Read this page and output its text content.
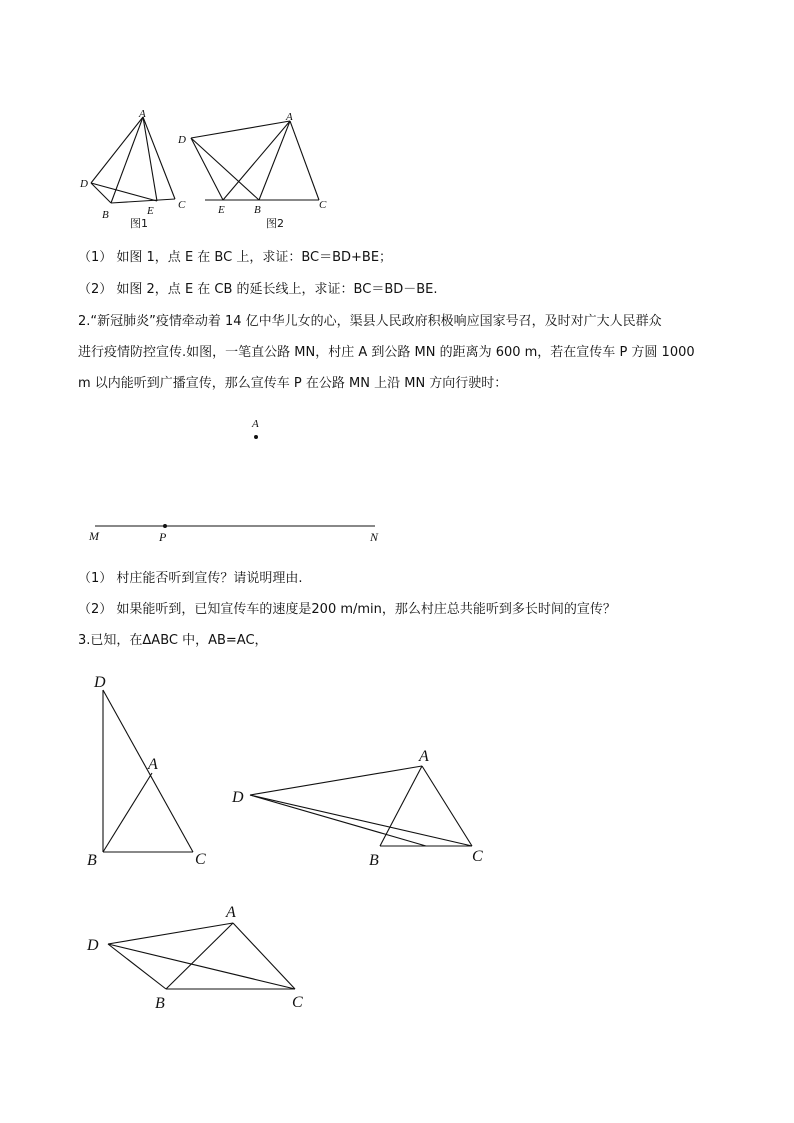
A
D
B	E C
图1
A
D
E	B	C
图2
（1） 如图 1，点 E 在 BC 上，求证：BC＝BD+BE；
（2） 如图 2，点 E 在 CB 的延长线上，求证：BC＝BD－BE.
2.“新冠肺炎”疫情牵动着 14 亿中华儿女的心，渠县人民政府积极响应国家号召，及时对广大人民群众
进行疫情防控宣传.如图，一笔直公路 MN，村庄 A 到公路 MN 的距离为 600 m，若在宣传车 P 方圆 1000
m 以内能听到广播宣传，那么宣传车 P 在公路 MN 上沿 MN 方向行驶时：
A
M	P	N
（1） 村庄能否听到宣传？请说明理由.
（2） 如果能听到，已知宣传车的速度是200 m/min，那么村庄总共能听到多长时间的宣传？
3.已知，在ΔABC 中，AB=AC，
D
A
B	C
A
D
B	C
A
D
B	C
